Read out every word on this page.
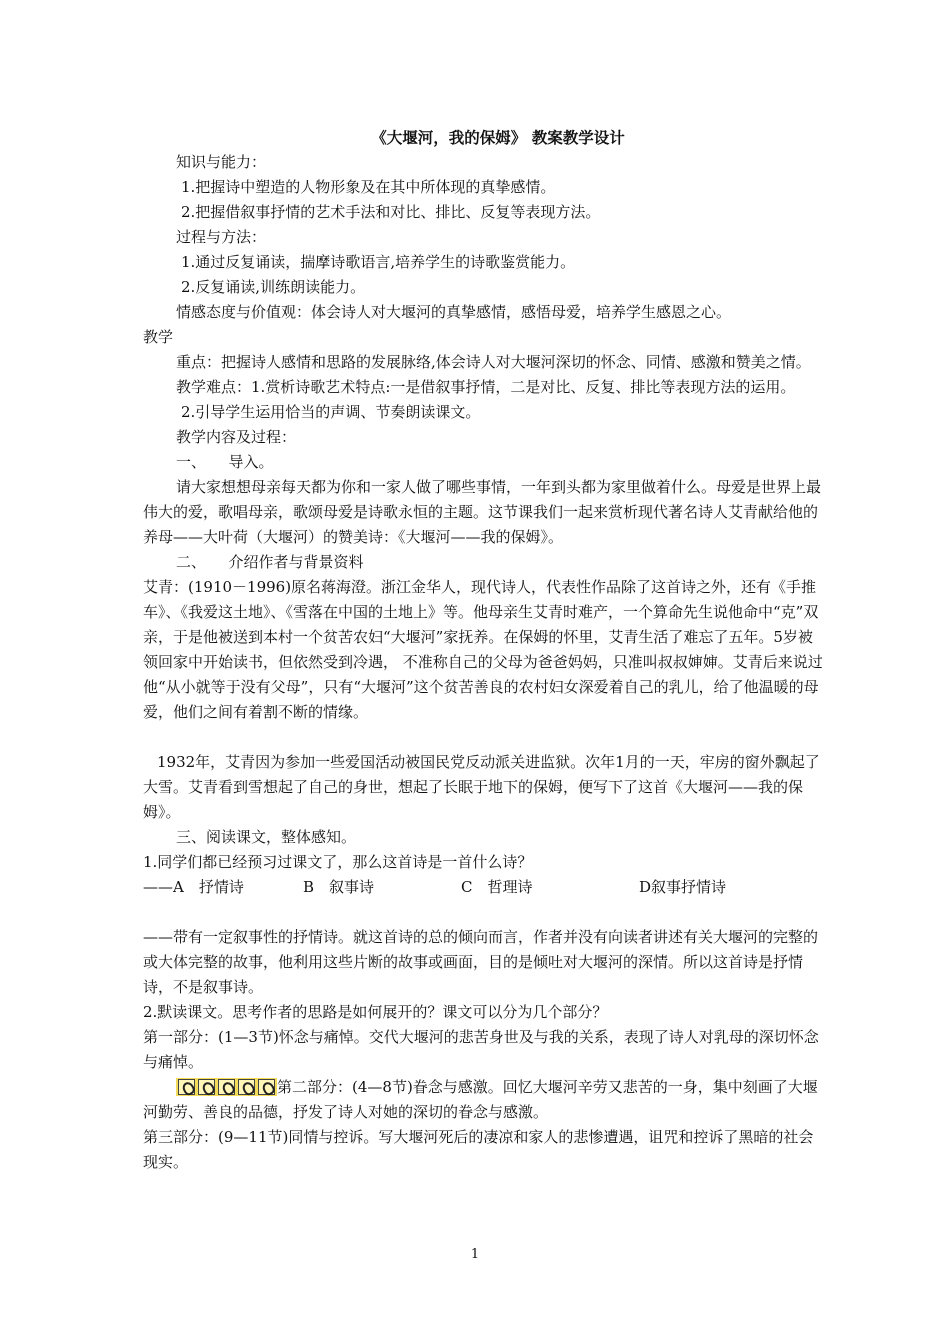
《大堰河，我的保姆》 教案教学设计

知识与能力：

1.把握诗中塑造的人物形象及在其中所体现的真挚感情。

2.把握借叙事抒情的艺术手法和对比、排比、反复等表现方法。

过程与方法：

1.通过反复诵读，揣摩诗歌语言,培养学生的诗歌鉴赏能力。

2.反复诵读,训练朗读能力。

情感态度与价值观：体会诗人对大堰河的真挚感情，感悟母爱，培养学生感恩之心。

教学

重点：把握诗人感情和思路的发展脉络,体会诗人对大堰河深切的怀念、同情、感激和赞美之情。

教学难点：1.赏析诗歌艺术特点:一是借叙事抒情，二是对比、反复、排比等表现方法的运用。

2.引导学生运用恰当的声调、节奏朗读课文。

教学内容及过程：

一、　　导入。

请大家想想母亲每天都为你和一家人做了哪些事情，一年到头都为家里做着什么。母爱是世界上最伟大的爱，歌唱母亲，歌颂母爱是诗歌永恒的主题。这节课我们一起来赏析现代著名诗人艾青献给他的养母——大叶荷（大堰河）的赞美诗：《大堰河——我的保姆》。

二、　　介绍作者与背景资料

艾青：(1910－1996)原名蒋海澄。浙江金华人，现代诗人，代表性作品除了这首诗之外，还有《手推车》、《我爱这土地》、《雪落在中国的土地上》等。他母亲生艾青时难产，一个算命先生说他命中“克”双亲，于是他被送到本村一个贫苦农妇“大堰河”家抚养。在保姆的怀里，艾青生活了难忘了五年。5岁被领回家中开始读书，但依然受到冷遇， 不准称自己的父母为爸爸妈妈，只准叫叔叔婶婶。艾青后来说过他“从小就等于没有父母”，只有“大堰河”这个贫苦善良的农村妇女深爱着自己的乳儿，给了他温暖的母爱，他们之间有着割不断的情缘。

1932年，艾青因为参加一些爱国活动被国民党反动派关进监狱。次年1月的一天，牢房的窗外飘起了大雪。艾青看到雪想起了自己的身世，想起了长眠于地下的保姆，便写下了这首《大堰河——我的保姆》。

三、阅读课文，整体感知。

1.同学们都已经预习过课文了，那么这首诗是一首什么诗？

——A　抒情诗	B　叙事诗	C　哲理诗	D叙事抒情诗

——带有一定叙事性的抒情诗。就这首诗的总的倾向而言，作者并没有向读者讲述有关大堰河的完整的或大体完整的故事，他利用这些片断的故事或画面，目的是倾吐对大堰河的深情。所以这首诗是抒情诗，不是叙事诗。

2.默读课文。思考作者的思路是如何展开的？课文可以分为几个部分？

第一部分：(1—3节)怀念与痛悼。交代大堰河的悲苦身世及与我的关系，表现了诗人对乳母的深切怀念与痛悼。

第二部分：(4—8节)眷念与感激。回忆大堰河辛劳又悲苦的一身，集中刻画了大堰河勤劳、善良的品德，抒发了诗人对她的深切的眷念与感激。

第三部分：(9—11节)同情与控诉。写大堰河死后的凄凉和家人的悲惨遭遇，诅咒和控诉了黑暗的社会现实。

1
